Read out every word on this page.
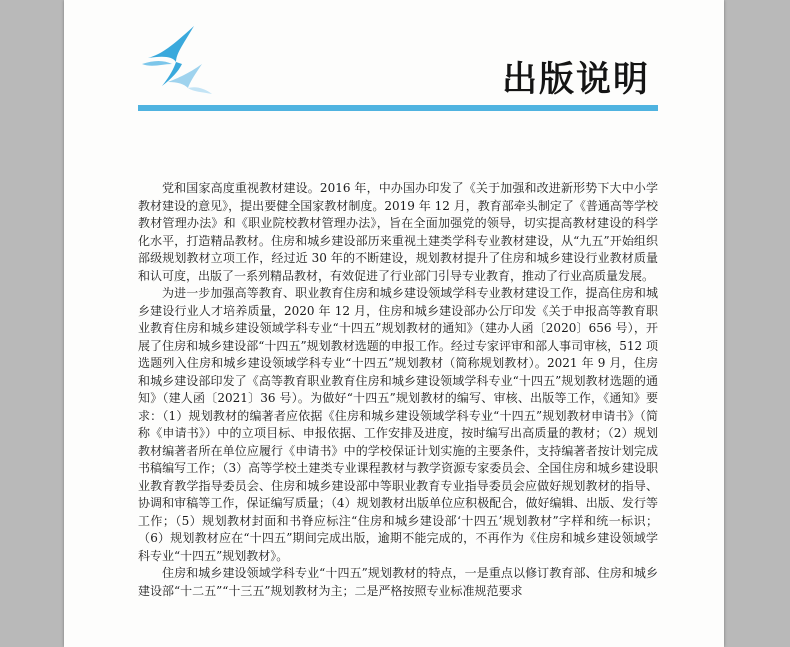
出版说明

党和国家高度重视教材建设。2016 年，中办国办印发了《关于加强和改进新形势下大中小学教材建设的意见》，提出要健全国家教材制度。2019 年 12 月，教育部牵头制定了《普通高等学校教材管理办法》和《职业院校教材管理办法》，旨在全面加强党的领导，切实提高教材建设的科学化水平，打造精品教材。住房和城乡建设部历来重视土建类学科专业教材建设，从“九五”开始组织部级规划教材立项工作，经过近 30 年的不断建设，规划教材提升了住房和城乡建设行业教材质量和认可度，出版了一系列精品教材，有效促进了行业部门引导专业教育，推动了行业高质量发展。

为进一步加强高等教育、职业教育住房和城乡建设领域学科专业教材建设工作，提高住房和城乡建设行业人才培养质量，2020 年 12 月，住房和城乡建设部办公厅印发《关于申报高等教育职业教育住房和城乡建设领域学科专业“十四五”规划教材的通知》（建办人函〔2020〕656 号），开展了住房和城乡建设部“十四五”规划教材选题的申报工作。经过专家评审和部人事司审核，512 项选题列入住房和城乡建设领域学科专业“十四五”规划教材（简称规划教材）。2021 年 9 月，住房和城乡建设部印发了《高等教育职业教育住房和城乡建设领域学科专业“十四五”规划教材选题的通知》（建人函〔2021〕36 号）。为做好“十四五”规划教材的编写、审核、出版等工作，《通知》要求：（1）规划教材的编著者应依据《住房和城乡建设领域学科专业“十四五”规划教材申请书》（简称《申请书》）中的立项目标、申报依据、工作安排及进度，按时编写出高质量的教材；（2）规划教材编著者所在单位应履行《申请书》中的学校保证计划实施的主要条件，支持编著者按计划完成书稿编写工作；（3）高等学校土建类专业课程教材与教学资源专家委员会、全国住房和城乡建设职业教育教学指导委员会、住房和城乡建设部中等职业教育专业指导委员会应做好规划教材的指导、协调和审稿等工作，保证编写质量；（4）规划教材出版单位应积极配合，做好编辑、出版、发行等工作；（5）规划教材封面和书脊应标注“住房和城乡建设部‘十四五’规划教材”字样和统一标识；（6）规划教材应在“十四五”期间完成出版，逾期不能完成的，不再作为《住房和城乡建设领域学科专业“十四五”规划教材》。

住房和城乡建设领域学科专业“十四五”规划教材的特点，一是重点以修订教育部、住房和城乡建设部“十二五”“十三五”规划教材为主；二是严格按照专业标准规范要求
